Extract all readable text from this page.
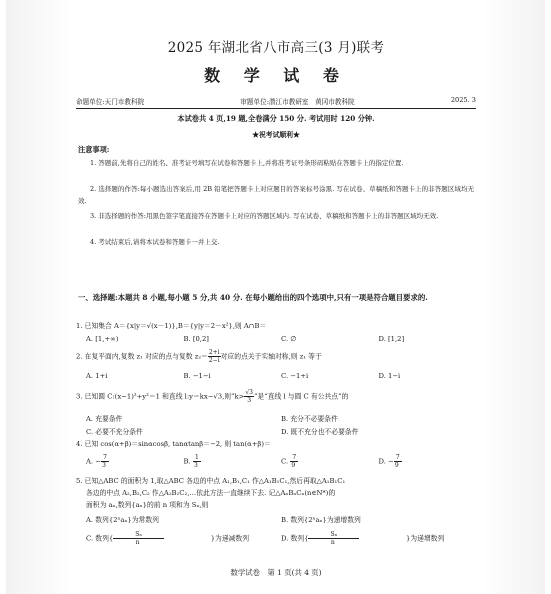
2025 年湖北省八市高三(3 月)联考
数 学 试 卷
命题单位:天门市教科院	审题单位:潜江市教研室　黄冈市教科院	2025. 3
本试卷共 4 页,19 题,全卷满分 150 分. 考试用时 120 分钟.
★祝考试顺利★
注意事项:
1. 答题前,先将自己的姓名、准考证号填写在试卷和答题卡上,并将准考证号条形码粘贴在答题卡上的指定位置.
2. 选择题的作答:每小题选出答案后,用 2B 铅笔把答题卡上对应题目的答案标号涂黑. 写在试卷、草稿纸和答题卡上的非答题区域均无效.
3. 非选择题的作答:用黑色签字笔直接答在答题卡上对应的答题区域内. 写在试卷、草稿纸和答题卡上的非答题区域均无效.
4. 考试结束后,请将本试卷和答题卡一并上交.
一、选择题:本题共 8 小题,每小题 5 分,共 40 分. 在每小题给出的四个选项中,只有一项是符合题目要求的.
1. 已知集合 A＝{x|y＝√(x－1)},B＝{y|y＝2－x²},则 A∩B＝
A. [1,+∞)	B. [0,2]	C. ∅	D. [1,2]
2. 在复平面内,复数 z₁ 对应的点与复数 $z_2= \frac{2+i}{2-i}$ 对应的点关于实轴对称,则 z₁ 等于
A. 1+i	B. −1−i	C. −1+i	D. 1−i
3. 已知圆 C:(x−1)²+y²＝1 和直线 l:y＝kx−√3,则“$k> \frac{√3}{3}$ ”是“直线 l 与圆 C 有公共点”的
A. 充要条件	B. 充分不必要条件
C. 必要不充分条件	D. 既不充分也不必要条件
4. 已知 cos(α+β)＝sinαcosβ, tanαtanβ＝−2, 则 tan(α+β)＝
A. − $\frac{7}{3}$	B. $\frac{1}{3}$	C. $\frac{7}{9}$	D. − $\frac{7}{9}$
5. 已知△ABC 的面积为 1,取△ABC 各边的中点 A₁,B₁,C₁ 作△A₁B₁C₁,然后再取△A₁B₁C₁
各边的中点 A₂,B₂,C₂ 作△A₂B₂C₂,…依此方法一直继续下去. 记△AₙBₙCₙ(n∈N*)的
面积为 aₙ,数列{aₙ}的前 n 项和为 Sₙ,则
A. 数列{2ⁿaₙ}为常数列	B. 数列{2ⁿaₙ}为递增数列
C. 数列{ $\frac{\text{Sₙ}}{n}$ }为递减数列	D. 数列{ $\frac{\text{Sₙ}}{n}$ }为递增数列
数学试卷　第 1 页(共 4 页)
